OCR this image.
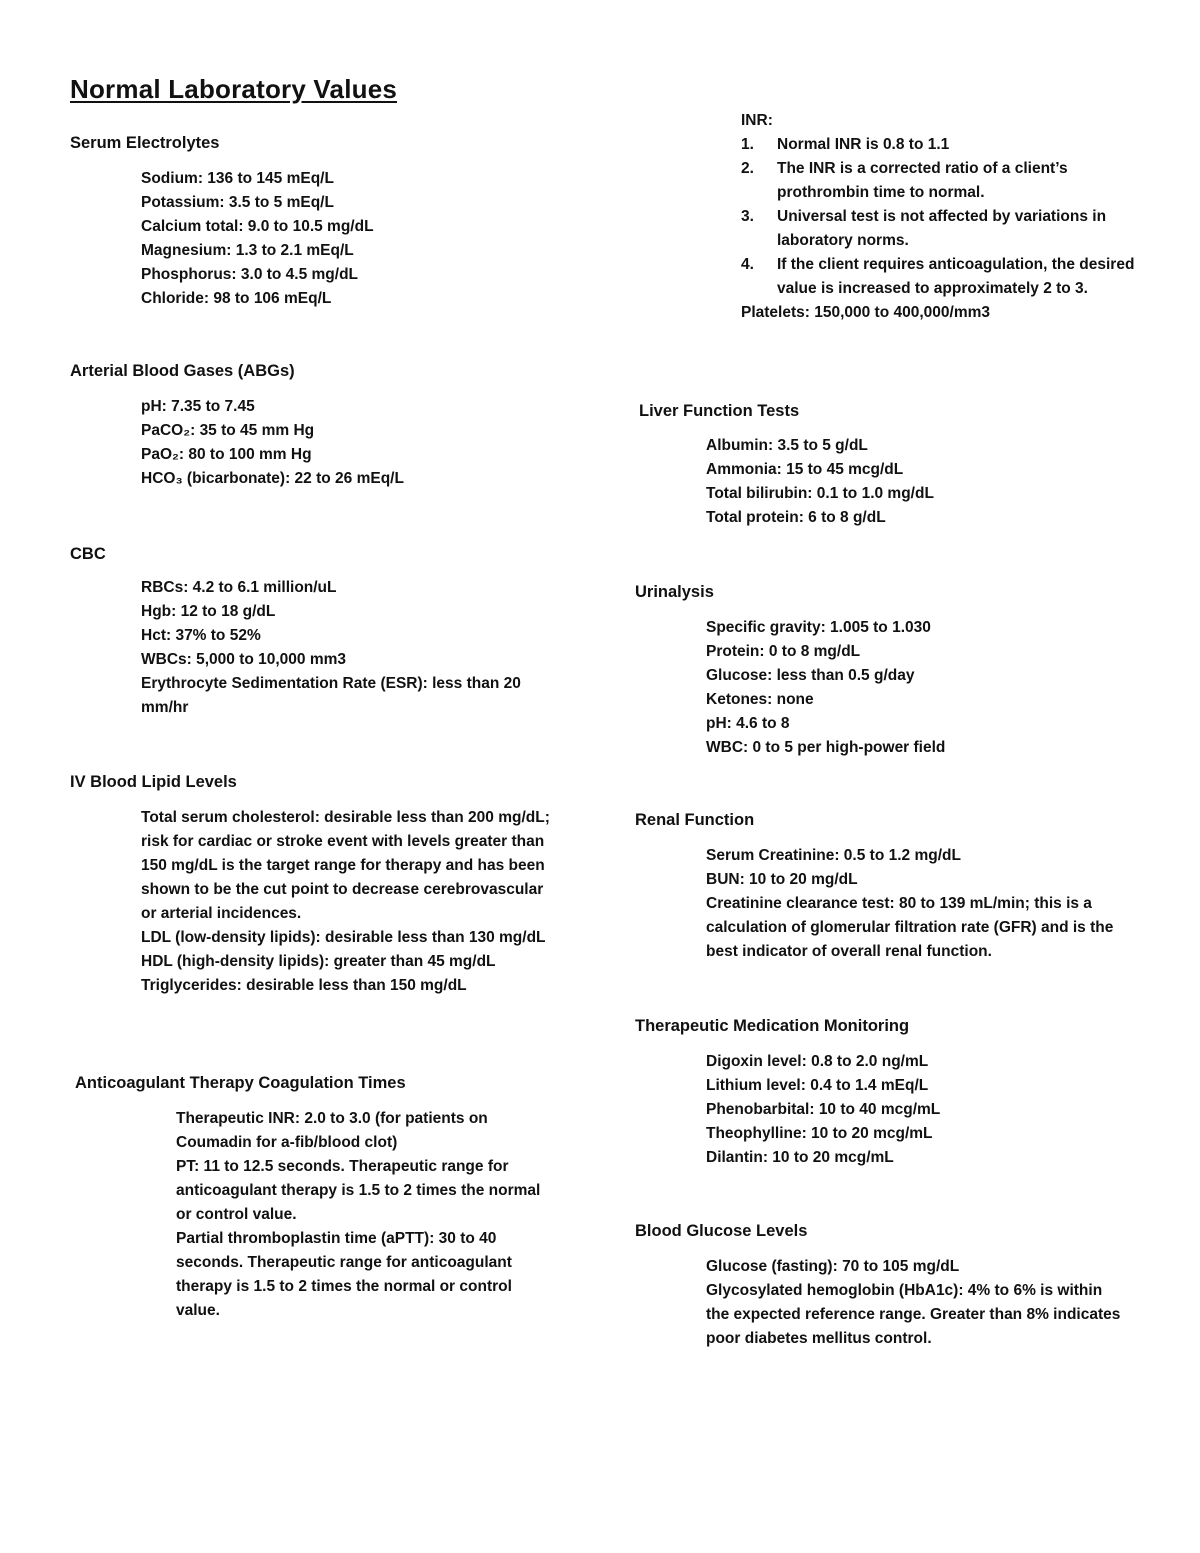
Normal Laboratory Values
Serum Electrolytes
Sodium: 136 to 145 mEq/L
Potassium: 3.5 to 5 mEq/L
Calcium total: 9.0 to 10.5 mg/dL
Magnesium: 1.3 to 2.1 mEq/L
Phosphorus: 3.0 to 4.5 mg/dL
Chloride: 98 to 106 mEq/L
Arterial Blood Gases (ABGs)
pH: 7.35 to 7.45
PaCO₂: 35 to 45 mm Hg
PaO₂: 80 to 100 mm Hg
HCO₃ (bicarbonate): 22 to 26 mEq/L
CBC
RBCs: 4.2 to 6.1 million/uL
Hgb: 12 to 18 g/dL
Hct: 37% to 52%
WBCs: 5,000 to 10,000 mm3
Erythrocyte Sedimentation Rate (ESR): less than 20 mm/hr
IV Blood Lipid Levels
Total serum cholesterol: desirable less than 200 mg/dL; risk for cardiac or stroke event with levels greater than 150 mg/dL is the target range for therapy and has been shown to be the cut point to decrease cerebrovascular or arterial incidences.
LDL (low-density lipids): desirable less than 130 mg/dL
HDL (high-density lipids): greater than 45 mg/dL
Triglycerides: desirable less than 150 mg/dL
Anticoagulant Therapy Coagulation Times
Therapeutic INR: 2.0 to 3.0 (for patients on Coumadin for a-fib/blood clot)
PT: 11 to 12.5 seconds. Therapeutic range for anticoagulant therapy is 1.5 to 2 times the normal or control value.
Partial thromboplastin time (aPTT): 30 to 40 seconds. Therapeutic range for anticoagulant therapy is 1.5 to 2 times the normal or control value.
INR:
1.	Normal INR is 0.8 to 1.1
2.	The INR is a corrected ratio of a client’s prothrombin time to normal.
3.	Universal test is not affected by variations in laboratory norms.
4.	If the client requires anticoagulation, the desired value is increased to approximately 2 to 3.
Platelets: 150,000 to 400,000/mm3
Liver Function Tests
Albumin: 3.5 to 5 g/dL
Ammonia: 15 to 45 mcg/dL
Total bilirubin: 0.1 to 1.0 mg/dL
Total protein: 6 to 8 g/dL
Urinalysis
Specific gravity: 1.005 to 1.030
Protein: 0 to 8 mg/dL
Glucose: less than 0.5 g/day
Ketones: none
pH: 4.6 to 8
WBC: 0 to 5 per high-power field
Renal Function
Serum Creatinine: 0.5 to 1.2 mg/dL
BUN: 10 to 20 mg/dL
Creatinine clearance test: 80 to 139 mL/min; this is a calculation of glomerular filtration rate (GFR) and is the best indicator of overall renal function.
Therapeutic Medication Monitoring
Digoxin level: 0.8 to 2.0 ng/mL
Lithium level: 0.4 to 1.4 mEq/L
Phenobarbital: 10 to 40 mcg/mL
Theophylline: 10 to 20 mcg/mL
Dilantin: 10 to 20 mcg/mL
Blood Glucose Levels
Glucose (fasting): 70 to 105 mg/dL
Glycosylated hemoglobin (HbA1c): 4% to 6% is within the expected reference range. Greater than 8% indicates poor diabetes mellitus control.
